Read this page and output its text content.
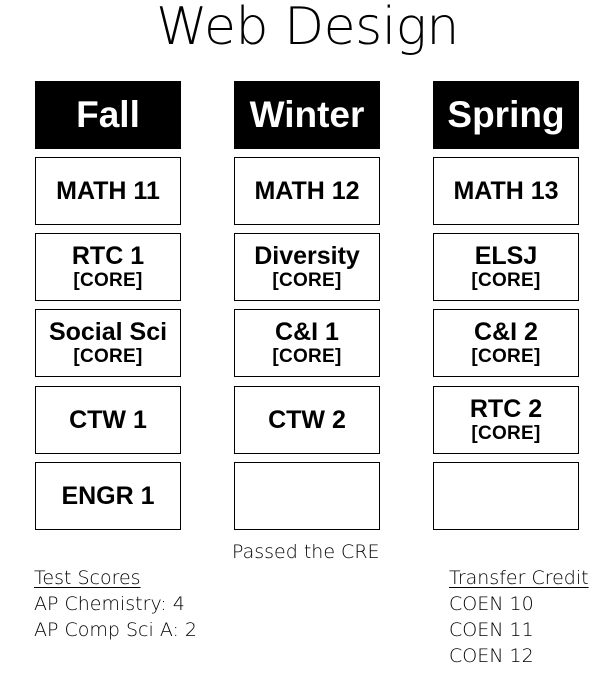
Web Design
Fall
MATH 11
RTC 1
[CORE]
Social Sci
[CORE]
CTW 1
ENGR 1
Winter
MATH 12
Diversity
[CORE]
C&I 1
[CORE]
CTW 2
Spring
MATH 13
ELSJ
[CORE]
C&I 2
[CORE]
RTC 2
[CORE]
Passed the CRE
Test Scores
AP Chemistry: 4
AP Comp Sci A: 2
Transfer Credit
COEN 10
COEN 11
COEN 12
